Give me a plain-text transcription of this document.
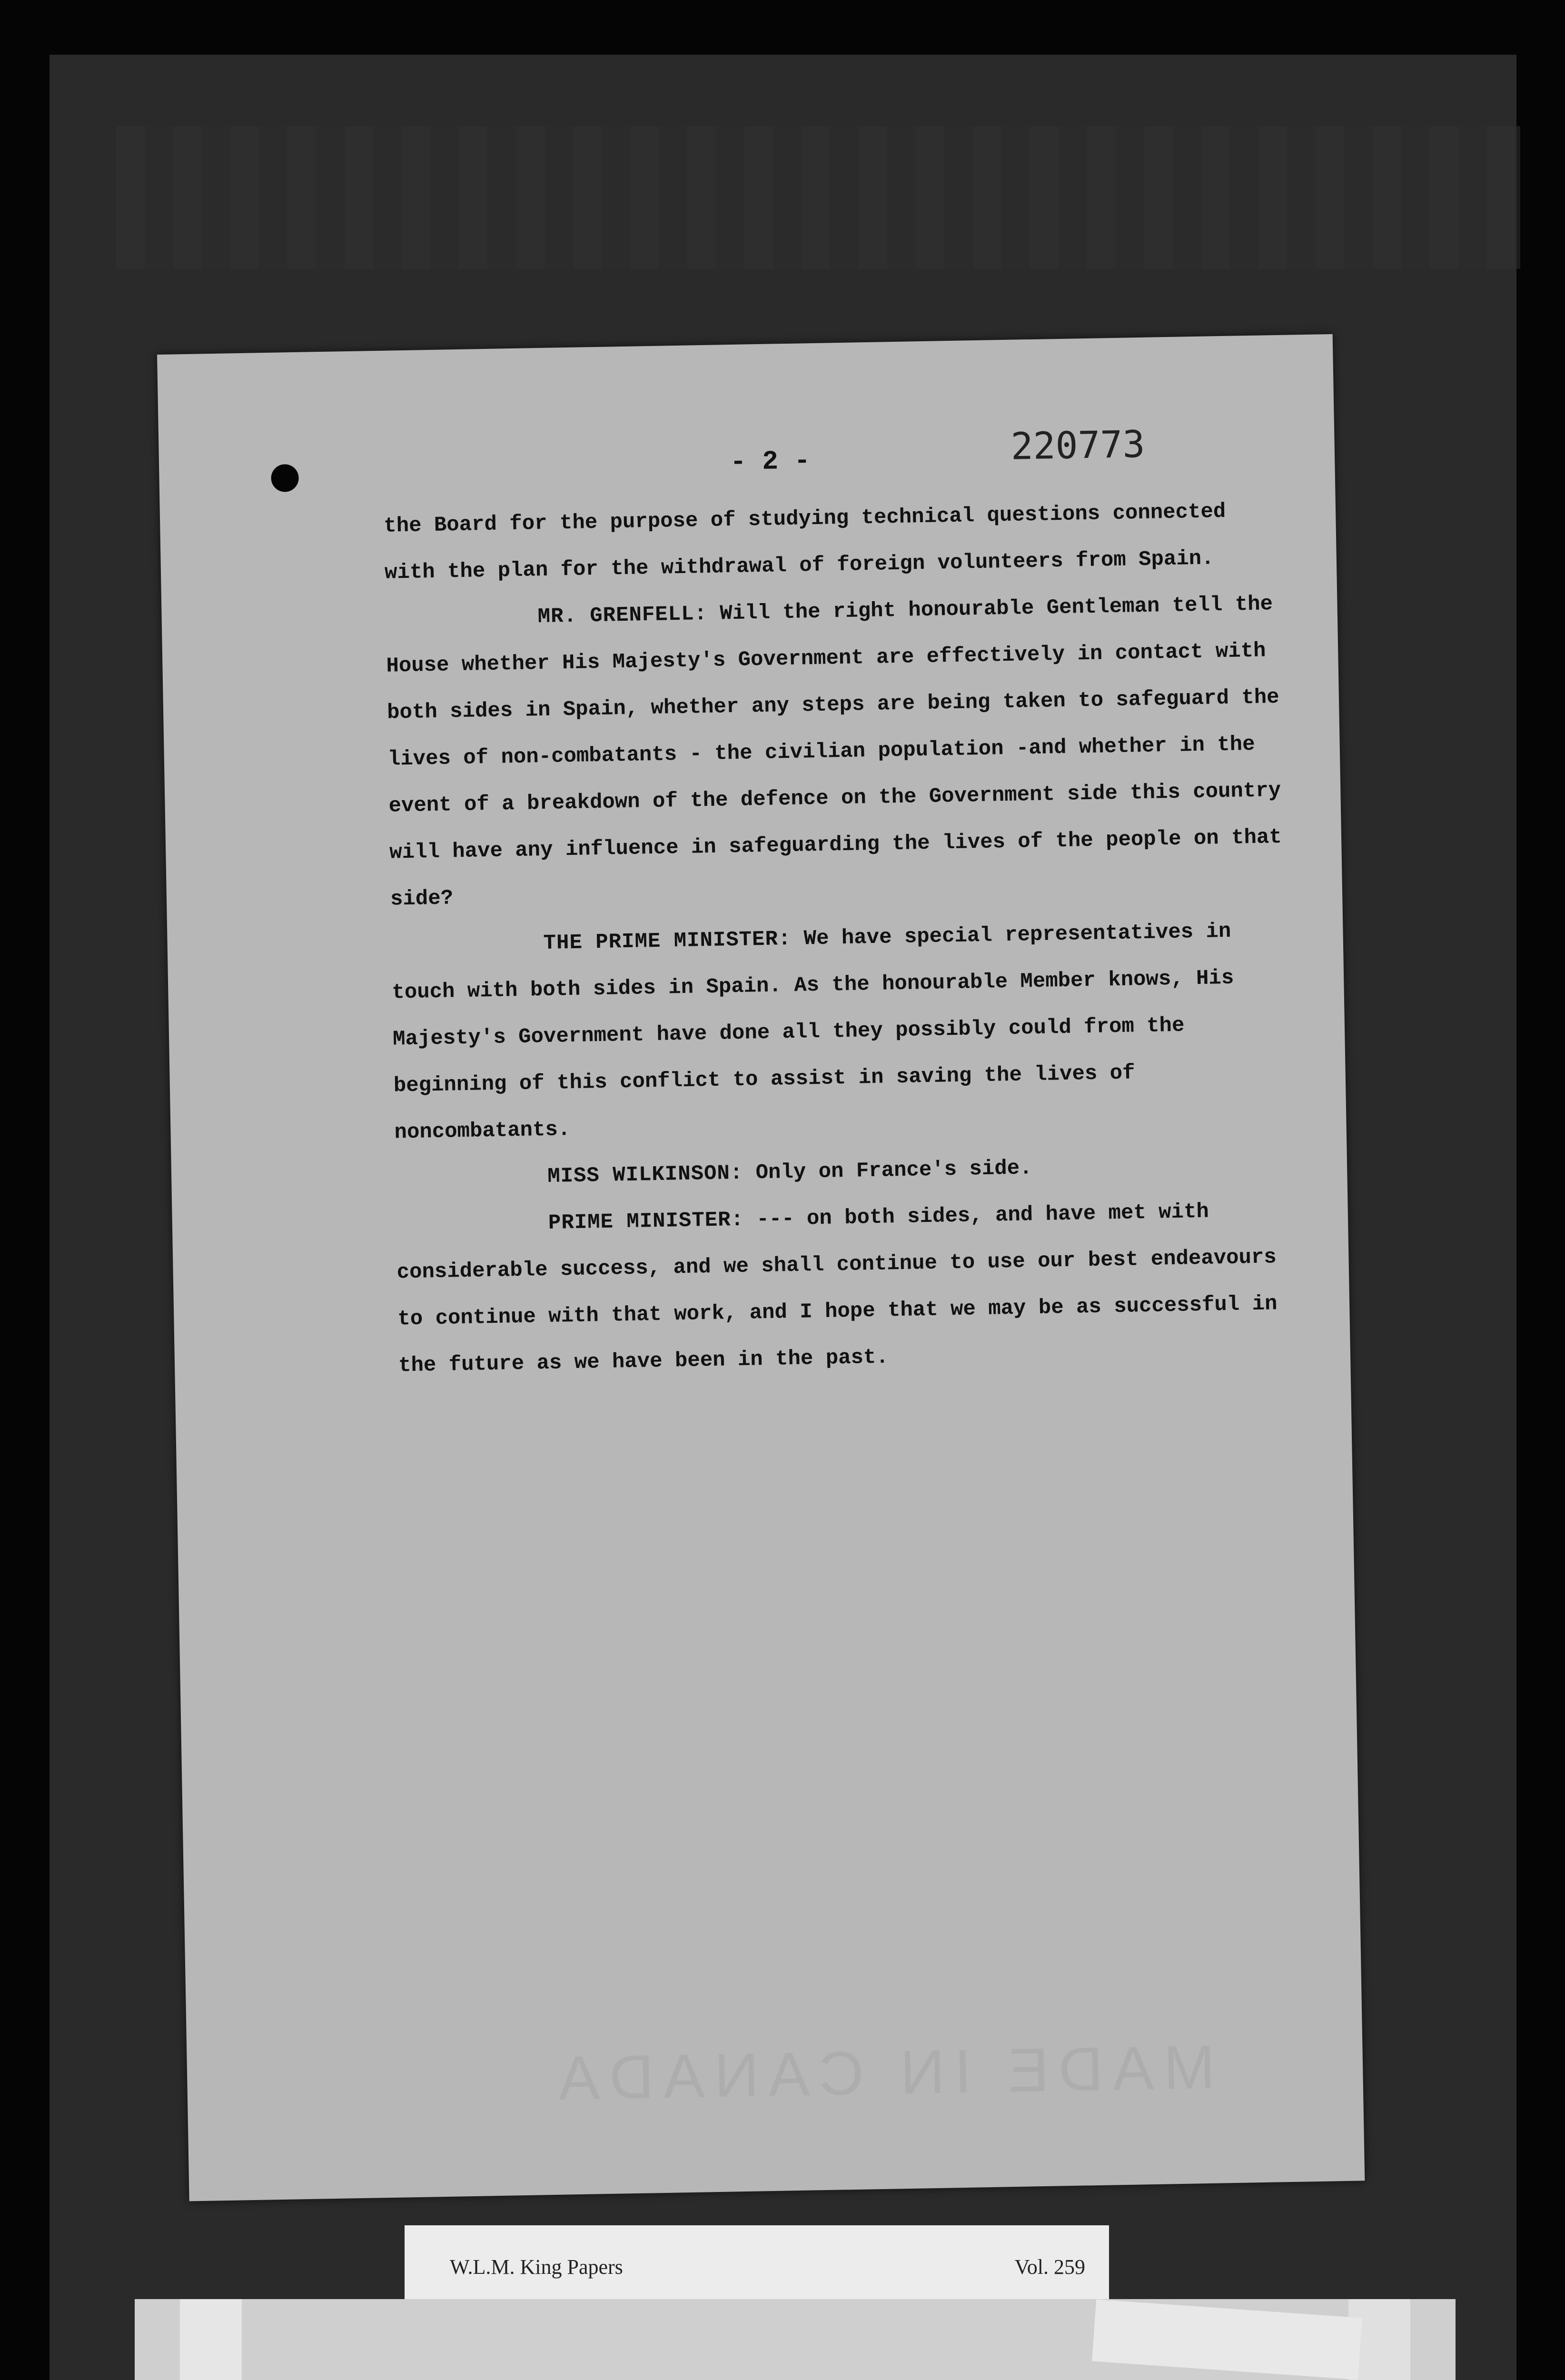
- 2 -	220773
MADE IN CANADA

the Board for the purpose of studying technical questions connected with the plan for the withdrawal of foreign volunteers from Spain.

MR. GRENFELL: Will the right honourable Gentleman tell the House whether His Majesty's Government are effectively in contact with both sides in Spain, whether any steps are being taken to safeguard the lives of non-combatants - the civilian population -and whether in the event of a breakdown of the defence on the Government side this country will have any influence in safeguarding the lives of the people on that side?

THE PRIME MINISTER: We have special representatives in touch with both sides in Spain. As the honourable Member knows, His Majesty's Government have done all they possibly could from the beginning of this conflict to assist in saving the lives of noncombatants.

MISS WILKINSON: Only on France's side.

PRIME MINISTER: --- on both sides, and have met with considerable success, and we shall continue to use our best endeavours to continue with that work, and I hope that we may be as successful in the future as we have been in the past.

W.L.M. King Papers	Vol. 259
